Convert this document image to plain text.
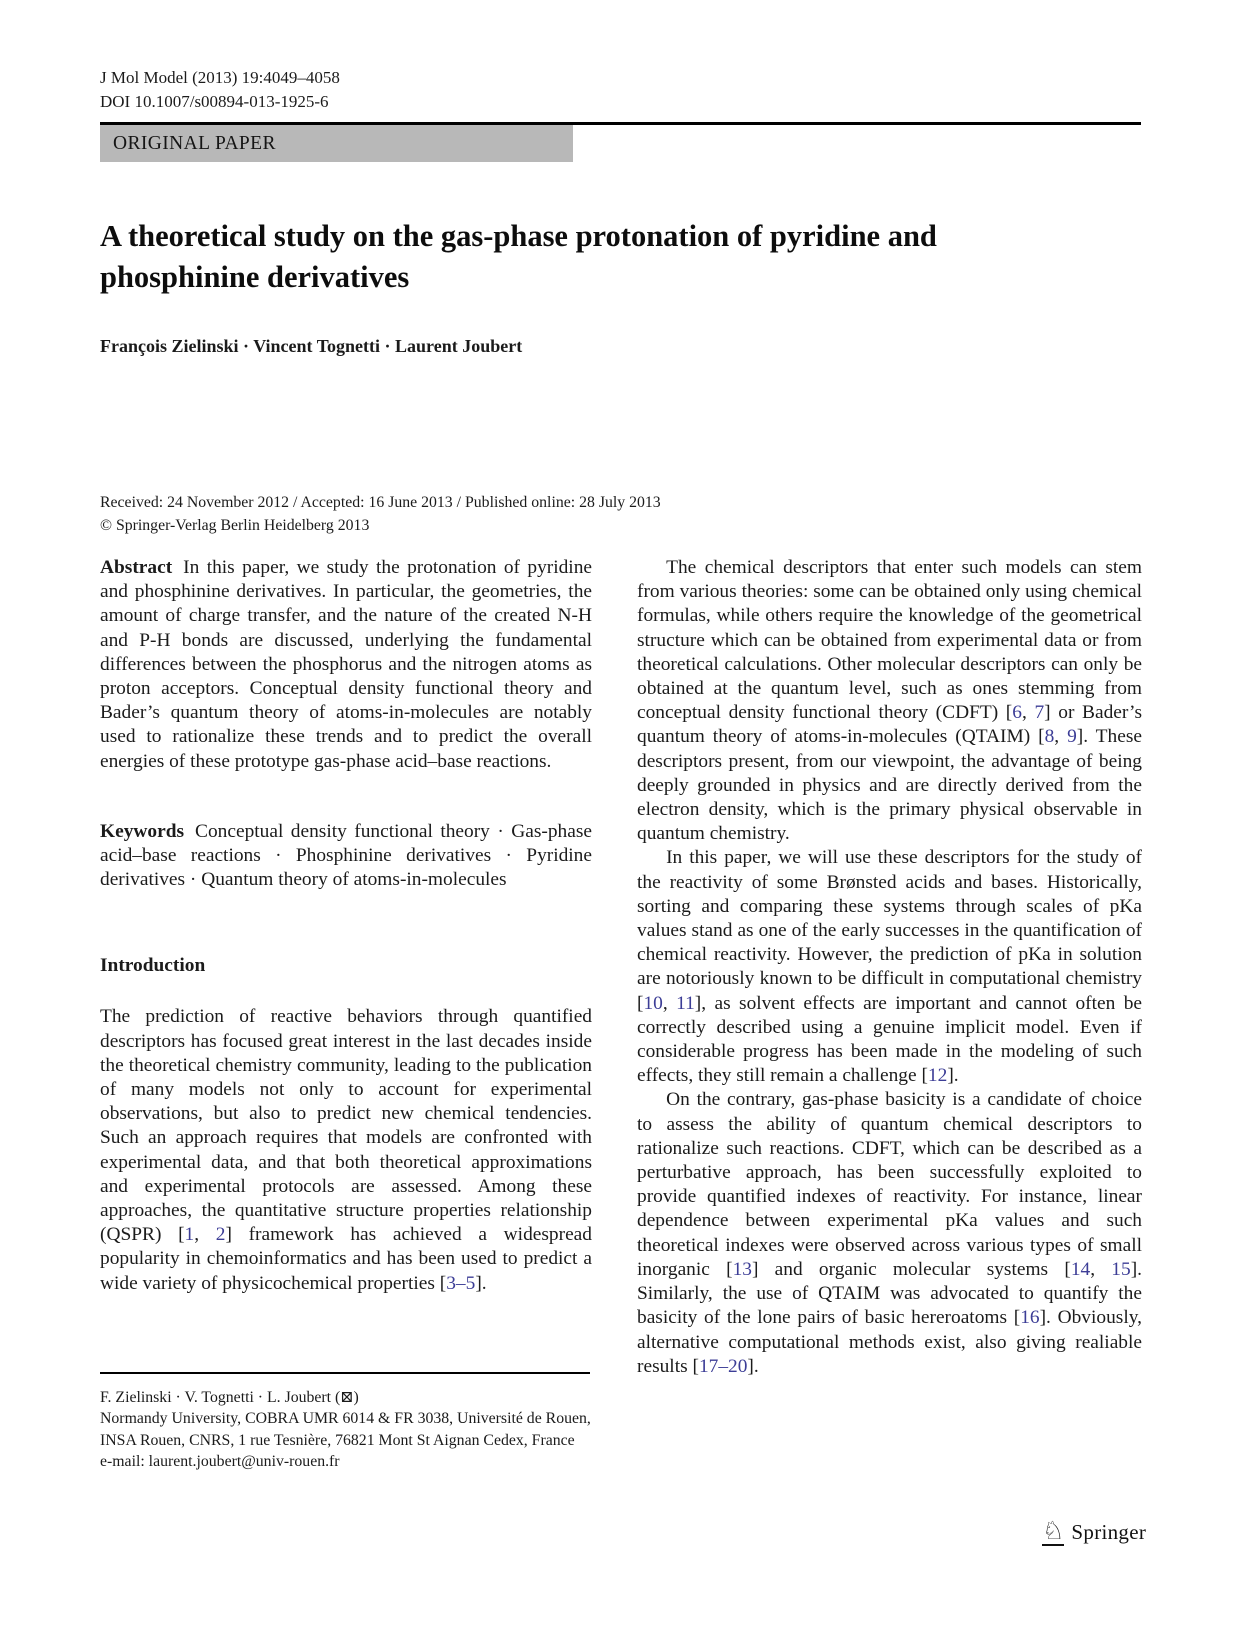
J Mol Model (2013) 19:4049–4058
DOI 10.1007/s00894-013-1925-6
ORIGINAL PAPER
A theoretical study on the gas-phase protonation of pyridine and phosphinine derivatives
François Zielinski · Vincent Tognetti · Laurent Joubert
Received: 24 November 2012 / Accepted: 16 June 2013 / Published online: 28 July 2013
© Springer-Verlag Berlin Heidelberg 2013

Abstract In this paper, we study the protonation of pyridine and phosphinine derivatives. In particular, the geometries, the amount of charge transfer, and the nature of the created N-H and P-H bonds are discussed, underlying the fundamental differences between the phosphorus and the nitrogen atoms as proton acceptors. Conceptual density functional theory and Bader’s quantum theory of atoms-in-molecules are notably used to rationalize these trends and to predict the overall energies of these prototype gas-phase acid–base reactions.

Keywords Conceptual density functional theory · Gas-phase acid–base reactions · Phosphinine derivatives · Pyridine derivatives · Quantum theory of atoms-in-molecules

Introduction

The prediction of reactive behaviors through quantified descriptors has focused great interest in the last decades inside the theoretical chemistry community, leading to the publication of many models not only to account for experimental observations, but also to predict new chemical tendencies. Such an approach requires that models are confronted with experimental data, and that both theoretical approximations and experimental protocols are assessed. Among these approaches, the quantitative structure properties relationship (QSPR) [1, 2] framework has achieved a widespread popularity in chemoinformatics and has been used to predict a wide variety of physicochemical properties [3–5].

The chemical descriptors that enter such models can stem from various theories: some can be obtained only using chemical formulas, while others require the knowledge of the geometrical structure which can be obtained from experimental data or from theoretical calculations. Other molecular descriptors can only be obtained at the quantum level, such as ones stemming from conceptual density functional theory (CDFT) [6, 7] or Bader’s quantum theory of atoms-in-molecules (QTAIM) [8, 9]. These descriptors present, from our viewpoint, the advantage of being deeply grounded in physics and are directly derived from the electron density, which is the primary physical observable in quantum chemistry.

In this paper, we will use these descriptors for the study of the reactivity of some Brønsted acids and bases. Historically, sorting and comparing these systems through scales of pKa values stand as one of the early successes in the quantification of chemical reactivity. However, the prediction of pKa in solution are notoriously known to be difficult in computational chemistry [10, 11], as solvent effects are important and cannot often be correctly described using a genuine implicit model. Even if considerable progress has been made in the modeling of such effects, they still remain a challenge [12].

On the contrary, gas-phase basicity is a candidate of choice to assess the ability of quantum chemical descriptors to rationalize such reactions. CDFT, which can be described as a perturbative approach, has been successfully exploited to provide quantified indexes of reactivity. For instance, linear dependence between experimental pKa values and such theoretical indexes were observed across various types of small inorganic [13] and organic molecular systems [14, 15]. Similarly, the use of QTAIM was advocated to quantify the basicity of the lone pairs of basic hereroatoms [16]. Obviously, alternative computational methods exist, also giving realiable results [17–20].

F. Zielinski · V. Tognetti · L. Joubert (⊠)
Normandy University, COBRA UMR 6014 & FR 3038, Université de Rouen, INSA Rouen, CNRS, 1 rue Tesnière, 76821 Mont St Aignan Cedex, France
e-mail: laurent.joubert@univ-rouen.fr
♘ Springer
